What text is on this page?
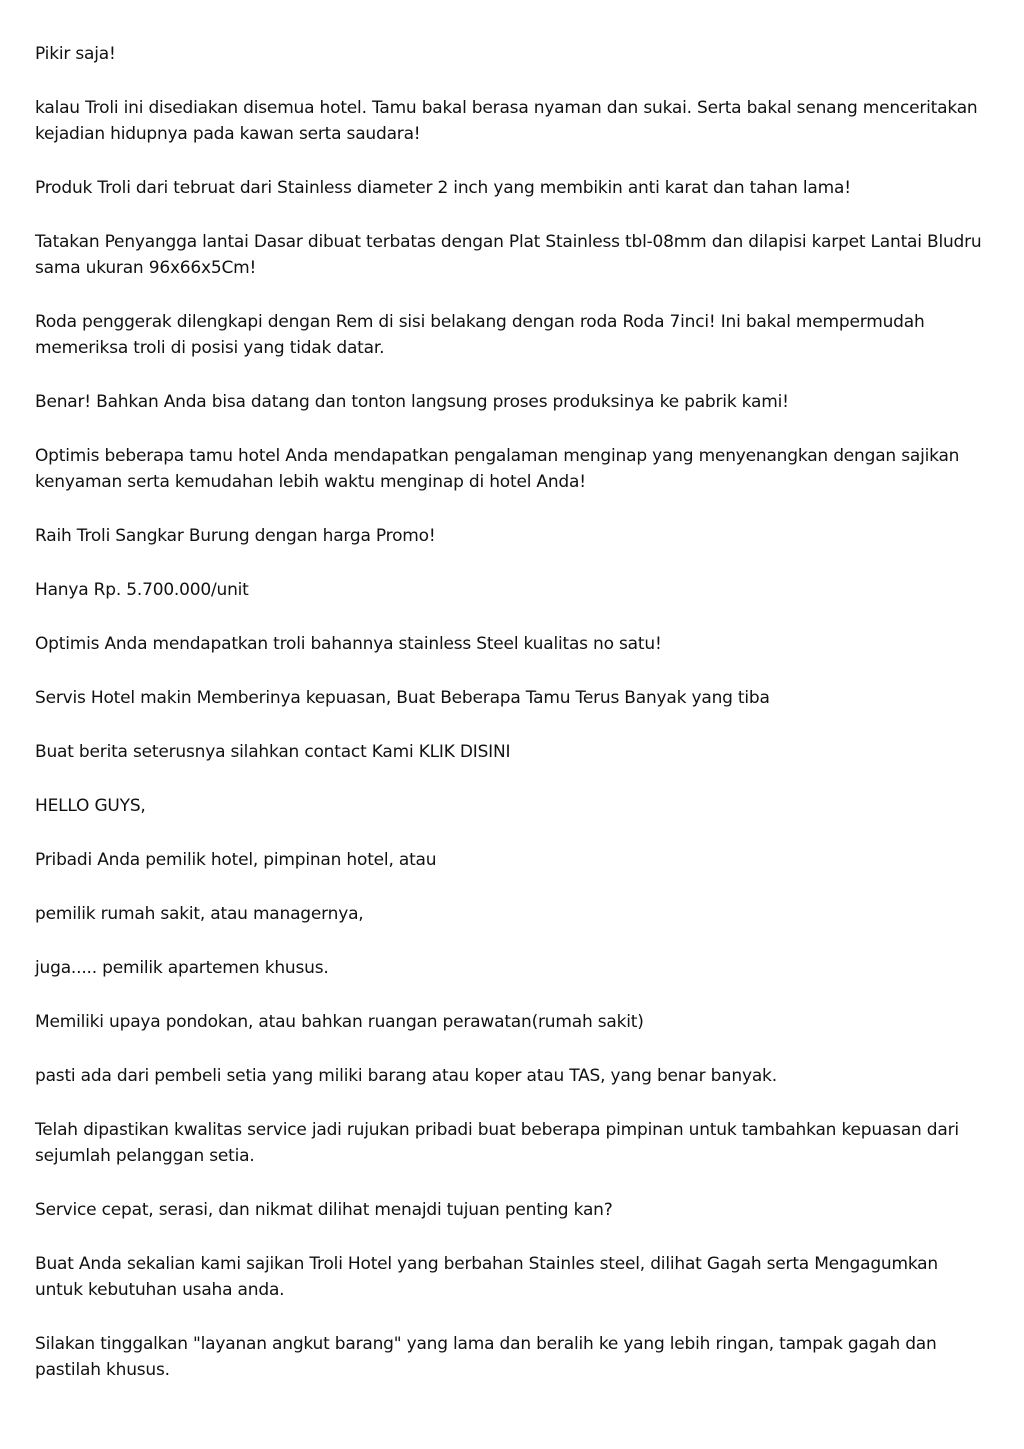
Pikir saja!

kalau Troli ini disediakan disemua hotel. Tamu bakal berasa nyaman dan sukai. Serta bakal senang menceritakan kejadian hidupnya pada kawan serta saudara!

Produk Troli dari tebruat dari Stainless diameter 2 inch yang membikin anti karat dan tahan lama!

Tatakan Penyangga lantai Dasar dibuat terbatas dengan Plat Stainless tbl-08mm dan dilapisi karpet Lantai Bludru sama ukuran 96x66x5Cm!

Roda penggerak dilengkapi dengan Rem di sisi belakang dengan roda Roda 7inci! Ini bakal mempermudah memeriksa troli di posisi yang tidak datar.

Benar! Bahkan Anda bisa datang dan tonton langsung proses produksinya ke pabrik kami!

Optimis beberapa tamu hotel Anda mendapatkan pengalaman menginap yang menyenangkan dengan sajikan kenyaman serta kemudahan lebih waktu menginap di hotel Anda!

Raih Troli Sangkar Burung dengan harga Promo!

Hanya Rp. 5.700.000/unit

Optimis Anda mendapatkan troli bahannya stainless Steel kualitas no satu!

Servis Hotel makin Memberinya kepuasan, Buat Beberapa Tamu Terus Banyak yang tiba

Buat berita seterusnya silahkan contact Kami KLIK DISINI

HELLO GUYS,

Pribadi Anda pemilik hotel, pimpinan hotel, atau

pemilik rumah sakit, atau managernya,

juga..... pemilik apartemen khusus.

Memiliki upaya pondokan, atau bahkan ruangan perawatan(rumah sakit)

pasti ada dari pembeli setia yang miliki barang atau koper atau TAS, yang benar banyak.

Telah dipastikan kwalitas service jadi rujukan pribadi buat beberapa pimpinan untuk tambahkan kepuasan dari sejumlah pelanggan setia.

Service cepat, serasi, dan nikmat dilihat menajdi tujuan penting kan?

Buat Anda sekalian kami sajikan Troli Hotel yang berbahan Stainles steel, dilihat Gagah serta Mengagumkan untuk kebutuhan usaha anda.

Silakan tinggalkan "layanan angkut barang" yang lama dan beralih ke yang lebih ringan, tampak gagah dan pastilah khusus.
